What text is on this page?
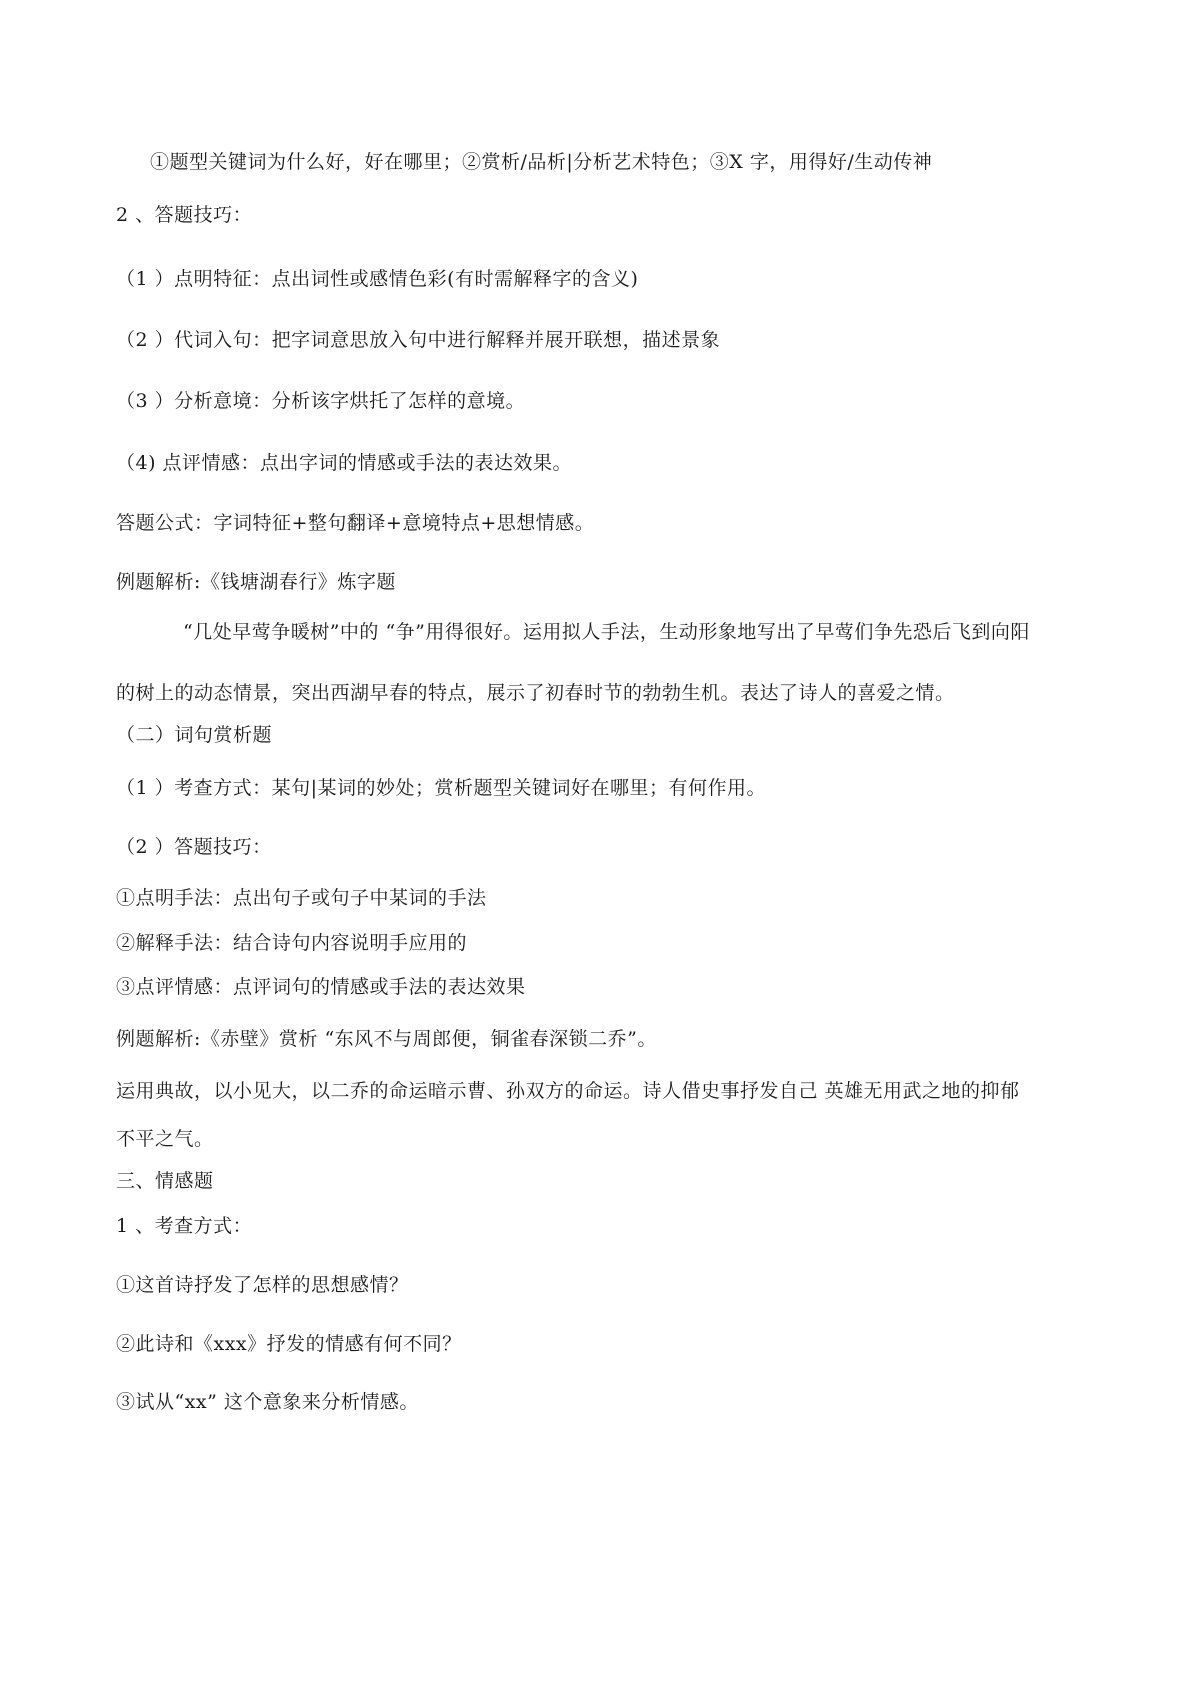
①题型关键词为什么好，好在哪里；②赏析/品析|分析艺术特色；③X 字，用得好/生动传神
2 、答题技巧：
（1 ）点明特征：点出词性或感情色彩(有时需解释字的含义)
（2 ）代词入句：把字词意思放入句中进行解释并展开联想，描述景象
（3 ）分析意境：分析该字烘托了怎样的意境。
（4) 点评情感：点出字词的情感或手法的表达效果。
答题公式：字词特征+整句翻译+意境特点+思想情感。
例题解析:《钱塘湖春行》炼字题
“几处早莺争暖树”中的 “争”用得很好。运用拟人手法，生动形象地写出了早莺们争先恐后飞到向阳
的树上的动态情景，突出西湖早春的特点，展示了初春时节的勃勃生机。表达了诗人的喜爱之情。
（二）词句赏析题
（1 ）考查方式：某句|某词的妙处；赏析题型关键词好在哪里；有何作用。
（2 ）答题技巧：
①点明手法：点出句子或句子中某词的手法
②解释手法：结合诗句内容说明手应用的
③点评情感：点评词句的情感或手法的表达效果
例题解析:《赤壁》赏析 “东风不与周郎便，铜雀春深锁二乔”。
运用典故，以小见大，以二乔的命运暗示曹、孙双方的命运。诗人借史事抒发自己 英雄无用武之地的抑郁
不平之气。
三、情感题
1 、考查方式：
①这首诗抒发了怎样的思想感情？
②此诗和《xxx》抒发的情感有何不同？
③试从“xx” 这个意象来分析情感。
